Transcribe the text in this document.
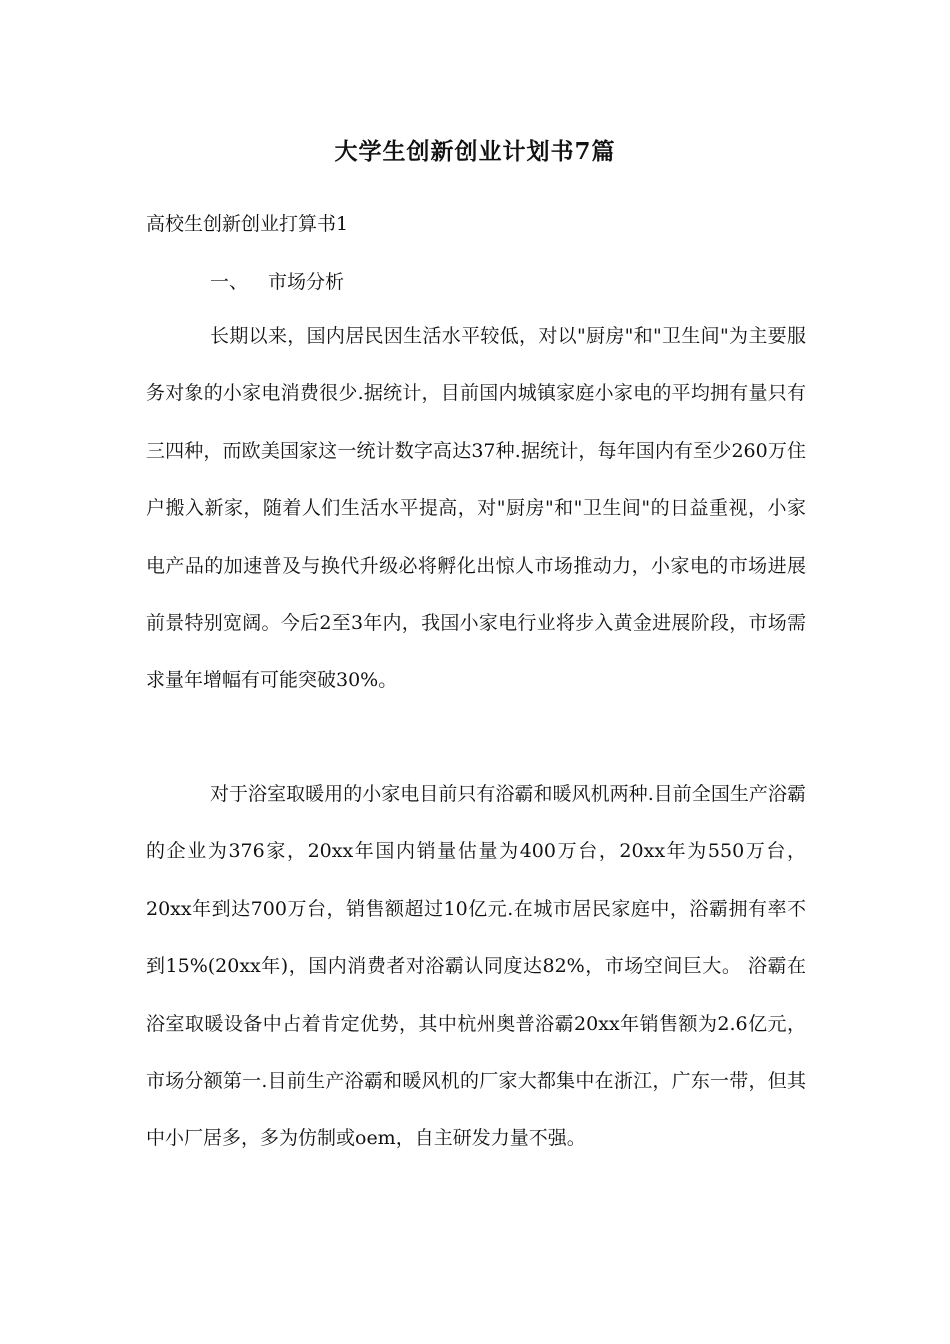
大学生创新创业计划书7篇

高校生创新创业打算书1

一、 市场分析

长期以来，国内居民因生活水平较低，对以"厨房"和"卫生间"为主要服务对象的小家电消费很少.据统计，目前国内城镇家庭小家电的平均拥有量只有三四种，而欧美国家这一统计数字高达37种.据统计，每年国内有至少260万住户搬入新家，随着人们生活水平提高，对"厨房"和"卫生间"的日益重视，小家电产品的加速普及与换代升级必将孵化出惊人市场推动力，小家电的市场进展前景特别宽阔。今后2至3年内，我国小家电行业将步入黄金进展阶段，市场需求量年增幅有可能突破30%。

对于浴室取暖用的小家电目前只有浴霸和暖风机两种.目前全国生产浴霸的企业为376家，20xx年国内销量估量为400万台，20xx年为550万台，20xx年到达700万台，销售额超过10亿元.在城市居民家庭中，浴霸拥有率不到15%(20xx年)，国内消费者对浴霸认同度达82%，市场空间巨大。 浴霸在浴室取暖设备中占着肯定优势，其中杭州奥普浴霸20xx年销售额为2.6亿元，市场分额第一.目前生产浴霸和暖风机的厂家大都集中在浙江，广东一带，但其中小厂居多，多为仿制或oem，自主研发力量不强。
